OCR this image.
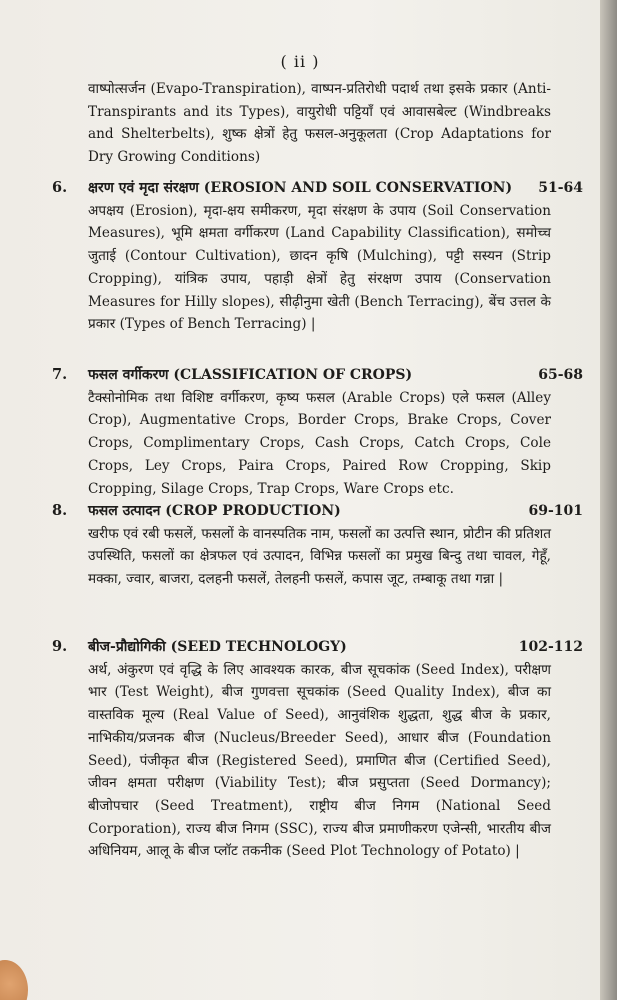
( ii )
वाष्पोत्सर्जन (Evapo-Transpiration), वाष्पन-प्रतिरोधी पदार्थ तथा इसके प्रकार (Anti-Transpirants and its Types), वायुरोधी पट्टियाँ एवं आवासबेल्ट (Windbreaks and Shelterbelts), शुष्क क्षेत्रों हेतु फसल-अनुकूलता (Crop Adaptations for Dry Growing Conditions)
6. क्षरण एवं मृदा संरक्षण (EROSION AND SOIL CONSERVATION) 51-64
अपक्षय (Erosion), मृदा-क्षय समीकरण, मृदा संरक्षण के उपाय (Soil Conservation Measures), भूमि क्षमता वर्गीकरण (Land Capability Classification), समोच्च जुताई (Contour Cultivation), छादन कृषि (Mulching), पट्टी सस्यन (Strip Cropping), यांत्रिक उपाय, पहाड़ी क्षेत्रों हेतु संरक्षण उपाय (Conservation Measures for Hilly slopes), सीढ़ीनुमा खेती (Bench Terracing), बेंच उत्तल के प्रकार (Types of Bench Terracing) |
7. फसल वर्गीकरण (CLASSIFICATION OF CROPS)	65-68
टैक्सोनोमिक तथा विशिष्ट वर्गीकरण, कृष्य फसल (Arable Crops) एले फसल (Alley Crop), Augmentative Crops, Border Crops, Brake Crops, Cover Crops, Complimentary Crops, Cash Crops, Catch Crops, Cole Crops, Ley Crops, Paira Crops, Paired Row Cropping, Skip Cropping, Silage Crops, Trap Crops, Ware Crops etc.
8. फसल उत्पादन (CROP PRODUCTION)	69-101
खरीफ एवं रबी फसलें, फसलों के वानस्पतिक नाम, फसलों का उत्पत्ति स्थान, प्रोटीन की प्रतिशत उपस्थिति, फसलों का क्षेत्रफल एवं उत्पादन, विभिन्न फसलों का प्रमुख बिन्दु तथा चावल, गेहूँ, मक्का, ज्वार, बाजरा, दलहनी फसलें, तेलहनी फसलें, कपास जूट, तम्बाकू तथा गन्ना |
9. बीज-प्रौद्योगिकी (SEED TECHNOLOGY)	102-112
अर्थ, अंकुरण एवं वृद्धि के लिए आवश्यक कारक, बीज सूचकांक (Seed Index), परीक्षण भार (Test Weight), बीज गुणवत्ता सूचकांक (Seed Quality Index), बीज का वास्तविक मूल्य (Real Value of Seed), आनुवंशिक शुद्धता, शुद्ध बीज के प्रकार, नाभिकीय/प्रजनक बीज (Nucleus/Breeder Seed), आधार बीज (Foundation Seed), पंजीकृत बीज (Registered Seed), प्रमाणित बीज (Certified Seed), जीवन क्षमता परीक्षण (Viability Test); बीज प्रसुप्तता (Seed Dormancy); बीजोपचार (Seed Treatment), राष्ट्रीय बीज निगम (National Seed Corporation), राज्य बीज निगम (SSC), राज्य बीज प्रमाणीकरण एजेन्सी, भारतीय बीज अधिनियम, आलू के बीज प्लॉट तकनीक (Seed Plot Technology of Potato) |
